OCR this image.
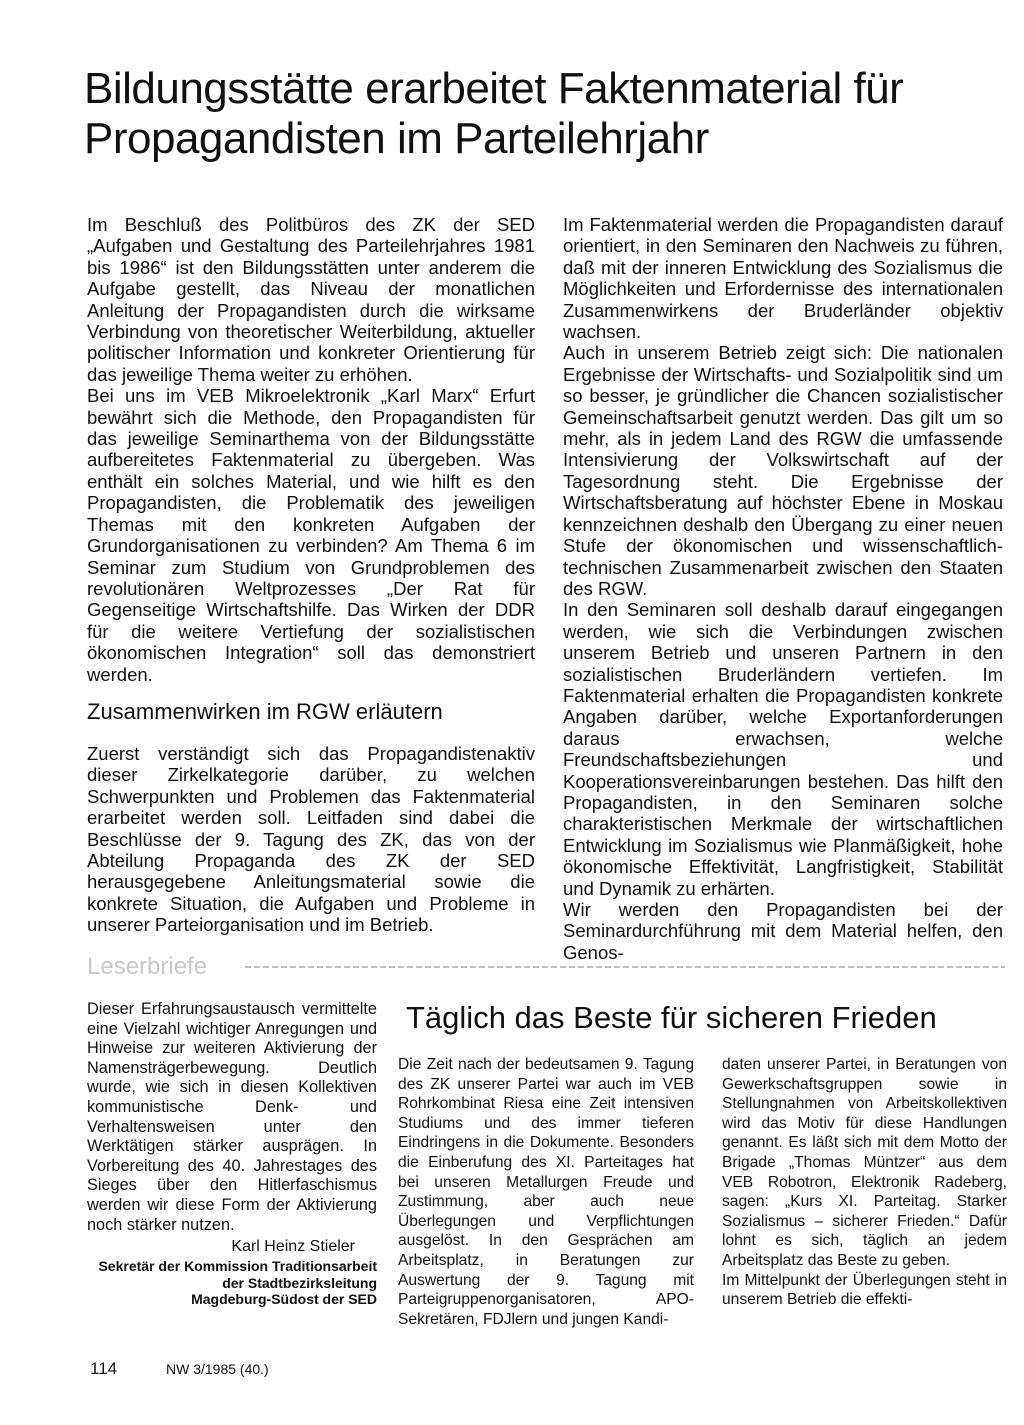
Bildungsstätte erarbeitet Faktenmaterial für Propagandisten im Parteilehrjahr

Im Beschluß des Politbüros des ZK der SED „Aufgaben und Gestaltung des Parteilehrjahres 1981 bis 1986“ ist den Bildungsstätten unter anderem die Aufgabe gestellt, das Niveau der monatlichen Anleitung der Propagandisten durch die wirksame Verbindung von theoretischer Weiterbildung, aktueller politischer Information und konkreter Orientierung für das jeweilige Thema weiter zu erhöhen.

Bei uns im VEB Mikroelektronik „Karl Marx“ Erfurt bewährt sich die Methode, den Propagandisten für das jeweilige Seminarthema von der Bildungsstätte aufbereitetes Faktenmaterial zu übergeben. Was enthält ein solches Material, und wie hilft es den Propagandisten, die Problematik des jeweiligen Themas mit den konkreten Aufgaben der Grundorganisationen zu verbinden? Am Thema 6 im Seminar zum Studium von Grundproblemen des revolutionären Weltprozesses „Der Rat für Gegenseitige Wirtschaftshilfe. Das Wirken der DDR für die weitere Vertiefung der sozialistischen ökonomischen Integration“ soll das demonstriert werden.

Zusammenwirken im RGW erläutern

Zuerst verständigt sich das Propagandistenaktiv dieser Zirkelkategorie darüber, zu welchen Schwerpunkten und Problemen das Faktenmaterial erarbeitet werden soll. Leitfaden sind dabei die Beschlüsse der 9. Tagung des ZK, das von der Abteilung Propaganda des ZK der SED herausgegebene Anleitungsmaterial sowie die konkrete Situation, die Aufgaben und Probleme in unserer Parteiorganisation und im Betrieb.

Im Faktenmaterial werden die Propagandisten darauf orientiert, in den Seminaren den Nachweis zu führen, daß mit der inneren Entwicklung des Sozialismus die Möglichkeiten und Erfordernisse des internationalen Zusammenwirkens der Bruderländer objektiv wachsen.

Auch in unserem Betrieb zeigt sich: Die nationalen Ergebnisse der Wirtschafts- und Sozialpolitik sind um so besser, je gründlicher die Chancen sozialistischer Gemeinschaftsarbeit genutzt werden. Das gilt um so mehr, als in jedem Land des RGW die umfassende Intensivierung der Volkswirtschaft auf der Tagesordnung steht. Die Ergebnisse der Wirtschaftsberatung auf höchster Ebene in Moskau kennzeichnen deshalb den Übergang zu einer neuen Stufe der ökonomischen und wissenschaftlich-technischen Zusammenarbeit zwischen den Staaten des RGW.

In den Seminaren soll deshalb darauf eingegangen werden, wie sich die Verbindungen zwischen unserem Betrieb und unseren Partnern in den sozialistischen Bruderländern vertiefen. Im Faktenmaterial erhalten die Propagandisten konkrete Angaben darüber, welche Exportanforderungen daraus erwachsen, welche Freundschaftsbeziehungen und Kooperationsvereinbarungen bestehen. Das hilft den Propagandisten, in den Seminaren solche charakteristischen Merkmale der wirtschaftlichen Entwicklung im Sozialismus wie Planmäßigkeit, hohe ökonomische Effektivität, Langfristigkeit, Stabilität und Dynamik zu erhärten.

Wir werden den Propagandisten bei der Seminardurchführung mit dem Material helfen, den Genos-

Leserbriefe
Dieser Erfahrungsaustausch vermittelte eine Vielzahl wichtiger Anregungen und Hinweise zur weiteren Aktivierung der Namensträgerbewegung. Deutlich wurde, wie sich in diesen Kollektiven kommunistische Denk- und Verhaltensweisen unter den Werktätigen stärker ausprägen. In Vorbereitung des 40. Jahrestages des Sieges über den Hitlerfaschismus werden wir diese Form der Aktivierung noch stärker nutzen.
Karl Heinz Stieler
Sekretär der Kommission Traditionsarbeit
der Stadtbezirksleitung
Magdeburg-Südost der SED
Täglich das Beste für sicheren Frieden
Die Zeit nach der bedeutsamen 9. Tagung des ZK unserer Partei war auch im VEB Rohrkombinat Riesa eine Zeit intensiven Studiums und des immer tieferen Eindringens in die Dokumente. Besonders die Einberufung des XI. Parteitages hat bei unseren Metallurgen Freude und Zustimmung, aber auch neue Überlegungen und Verpflichtungen ausgelöst. In den Gesprächen am Arbeitsplatz, in Beratungen zur Auswertung der 9. Tagung mit Parteigruppenorganisatoren, APO-Sekretären, FDJlern und jungen Kandi-
daten unserer Partei, in Beratungen von Gewerkschaftsgruppen sowie in Stellungnahmen von Arbeitskollektiven wird das Motiv für diese Handlungen genannt. Es läßt sich mit dem Motto der Brigade „Thomas Müntzer“ aus dem VEB Robotron, Elektronik Radeberg, sagen: „Kurs XI. Parteitag. Starker Sozialismus – sicherer Frieden.“ Dafür lohnt es sich, täglich an jedem Arbeitsplatz das Beste zu geben.
Im Mittelpunkt der Überlegungen steht in unserem Betrieb die effekti-
114	NW 3/1985 (40.)
